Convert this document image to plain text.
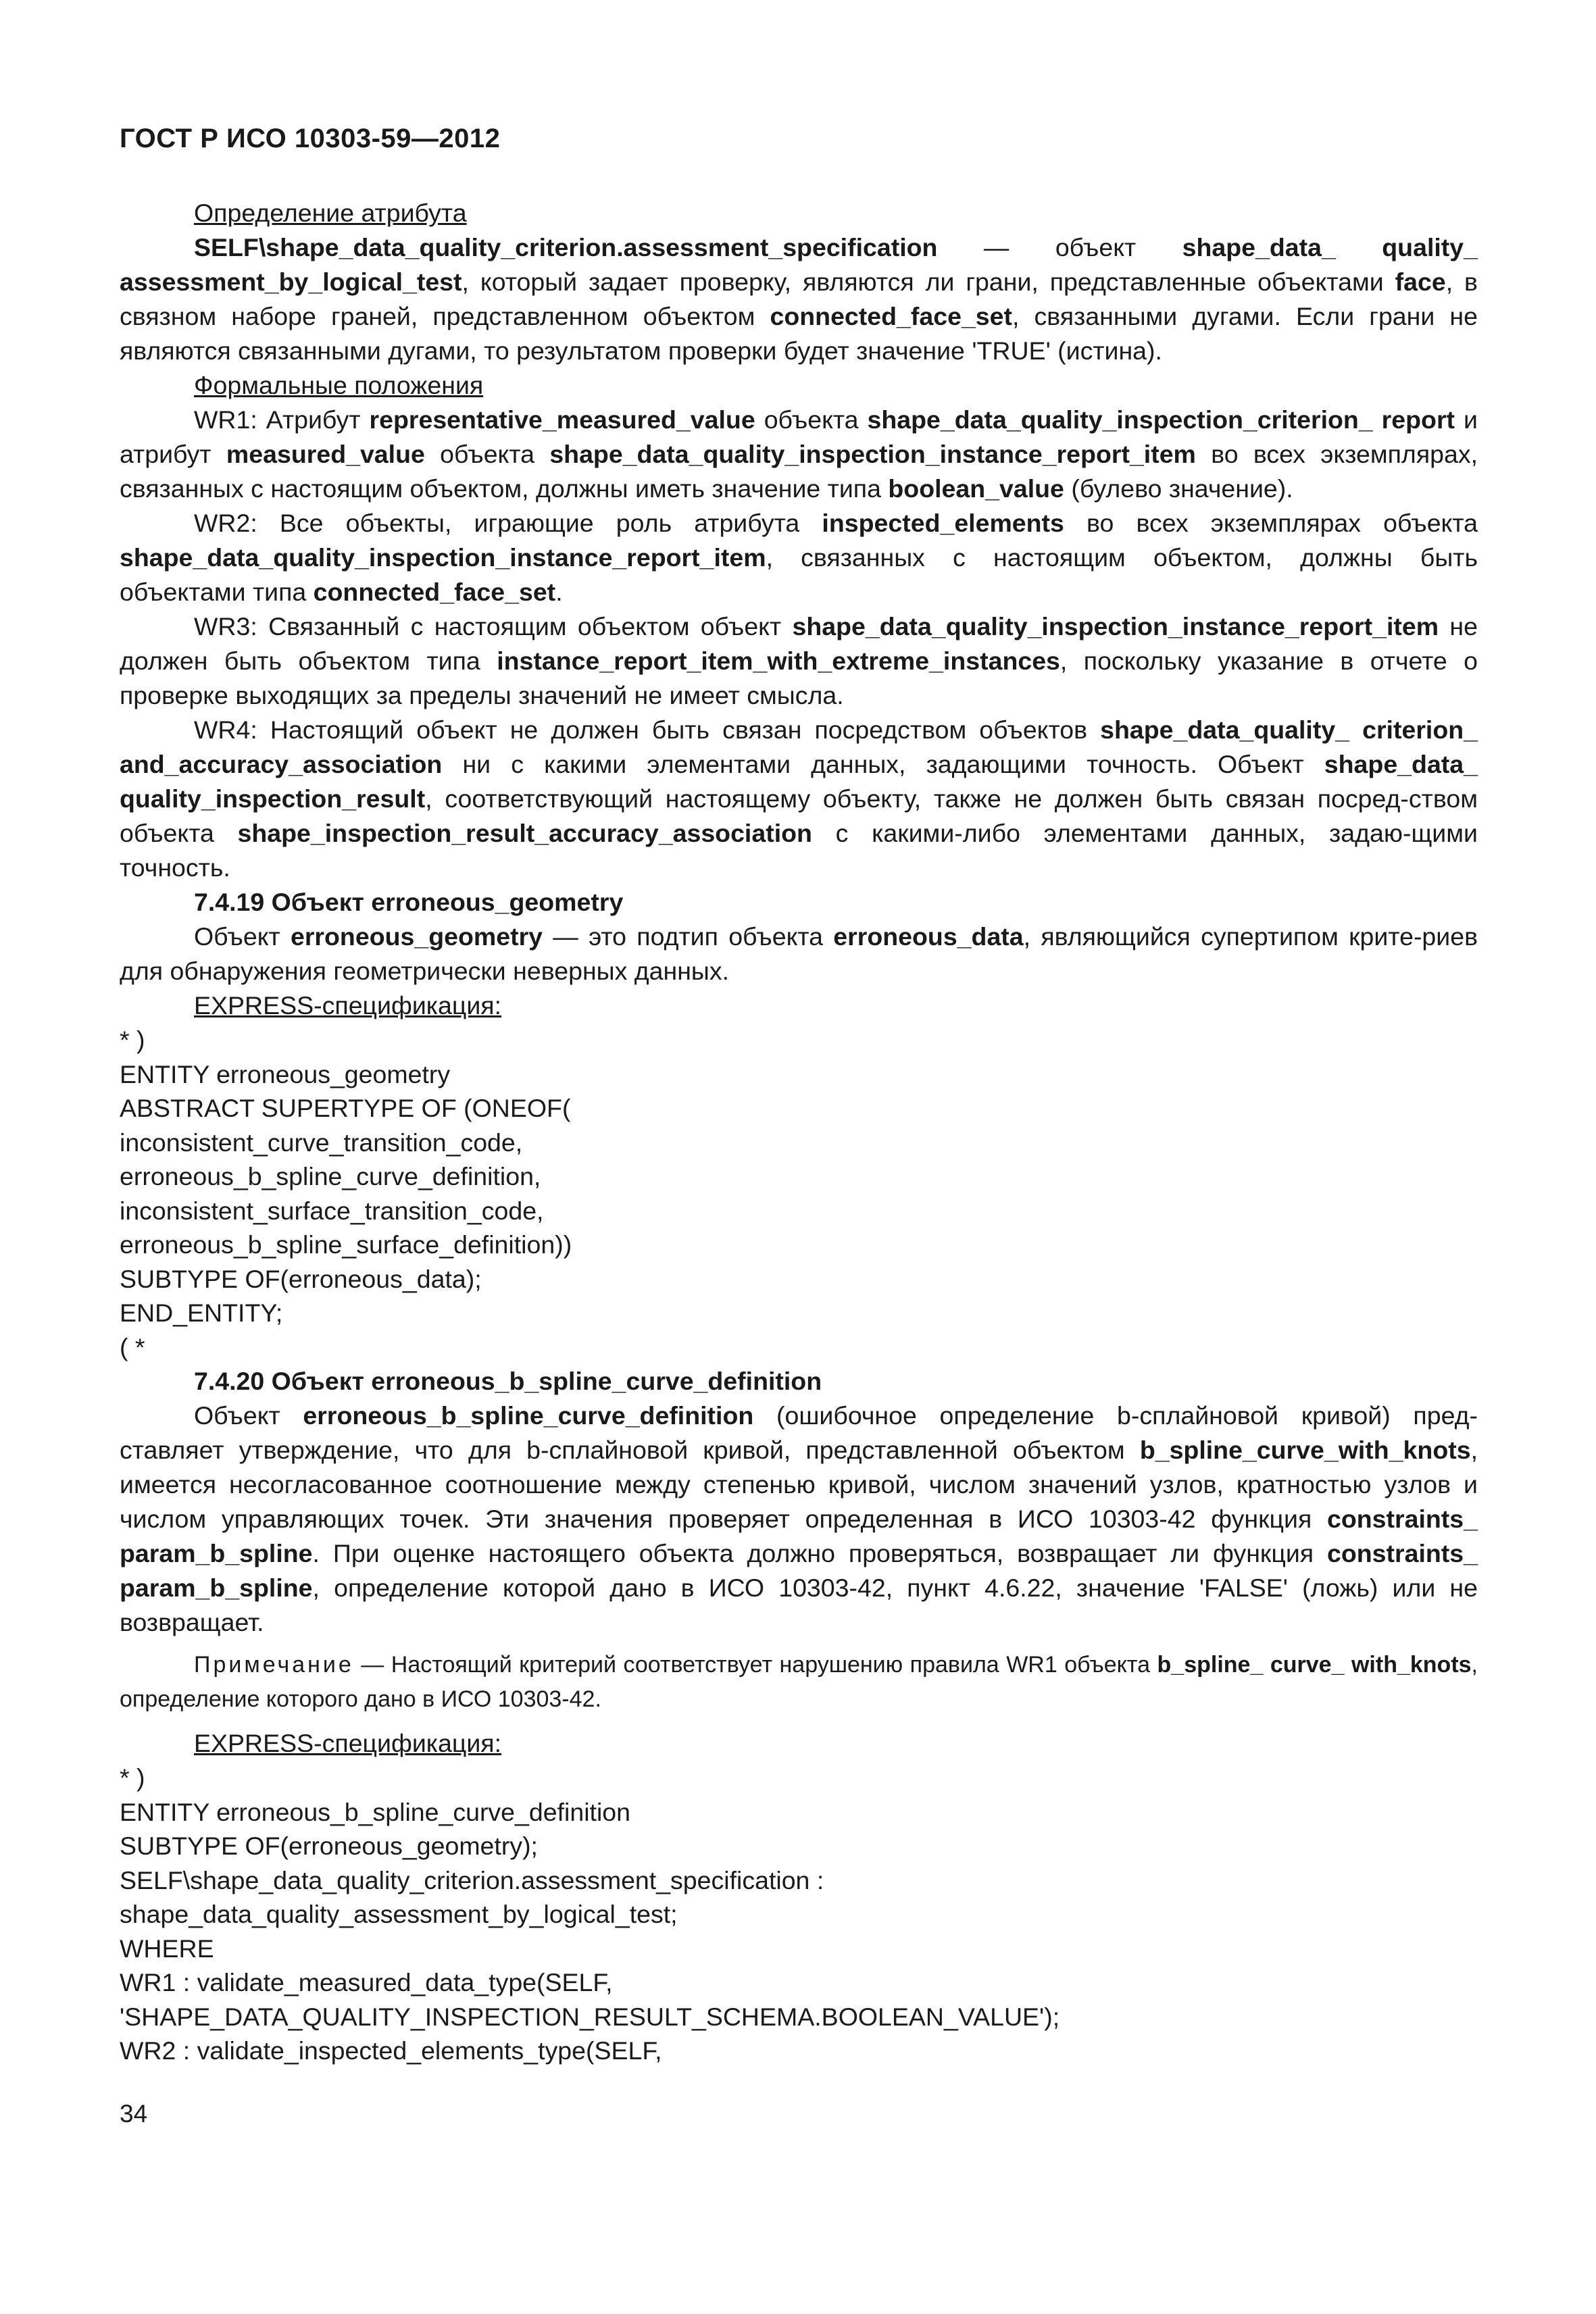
ГОСТ Р ИСО 10303-59—2012
Определение атрибута

SELF\shape_data_quality_criterion.assessment_specification — объект shape_data_ quality_ assessment_by_logical_test, который задает проверку, являются ли грани, представленные объектами face, в связном наборе граней, представленном объектом connected_face_set, связанными дугами. Если грани не являются связанными дугами, то результатом проверки будет значение 'TRUE' (истина).

Формальные положения

WR1: Атрибут representative_measured_value объекта shape_data_quality_inspection_criterion_ report и атрибут measured_value объекта shape_data_quality_inspection_instance_report_item во всех экземплярах, связанных с настоящим объектом, должны иметь значение типа boolean_value (булево значение).

WR2: Все объекты, играющие роль атрибута inspected_elements во всех экземплярах объекта shape_data_quality_inspection_instance_report_item, связанных с настоящим объектом, должны быть объектами типа connected_face_set.

WR3: Связанный с настоящим объектом объект shape_data_quality_inspection_instance_report_item не должен быть объектом типа instance_report_item_with_extreme_instances, поскольку указание в отчете о проверке выходящих за пределы значений не имеет смысла.

WR4: Настоящий объект не должен быть связан посредством объектов shape_data_quality_ criterion_ and_accuracy_association ни с какими элементами данных, задающими точность. Объект shape_data_ quality_inspection_result, соответствующий настоящему объекту, также не должен быть связан посред-ством объекта shape_inspection_result_accuracy_association с какими-либо элементами данных, задаю-щими точность.

7.4.19 Объект erroneous_geometry

Объект erroneous_geometry — это подтип объекта erroneous_data, являющийся супертипом крите-риев для обнаружения геометрически неверных данных.

EXPRESS-спецификация:
* )
ENTITY erroneous_geometry
ABSTRACT SUPERTYPE OF (ONEOF(
inconsistent_curve_transition_code,
erroneous_b_spline_curve_definition,
inconsistent_surface_transition_code,
erroneous_b_spline_surface_definition))
SUBTYPE OF(erroneous_data);
END_ENTITY;
( *

7.4.20 Объект erroneous_b_spline_curve_definition

Объект erroneous_b_spline_curve_definition (ошибочное определение b-сплайновой кривой) пред-ставляет утверждение, что для b-сплайновой кривой, представленной объектом b_spline_curve_with_knots, имеется несогласованное соотношение между степенью кривой, числом значений узлов, кратностью узлов и числом управляющих точек. Эти значения проверяет определенная в ИСО 10303-42 функция constraints_ param_b_spline. При оценке настоящего объекта должно проверяться, возвращает ли функция constraints_ param_b_spline, определение которой дано в ИСО 10303-42, пункт 4.6.22, значение 'FALSE' (ложь) или не возвращает.

Примечание — Настоящий критерий соответствует нарушению правила WR1 объекта b_spline_ curve_ with_knots, определение которого дано в ИСО 10303-42.

EXPRESS-спецификация:
* )
ENTITY erroneous_b_spline_curve_definition
SUBTYPE OF(erroneous_geometry);
SELF\shape_data_quality_criterion.assessment_specification :
shape_data_quality_assessment_by_logical_test;
WHERE
WR1 : validate_measured_data_type(SELF,
'SHAPE_DATA_QUALITY_INSPECTION_RESULT_SCHEMA.BOOLEAN_VALUE');
WR2 : validate_inspected_elements_type(SELF,
34
